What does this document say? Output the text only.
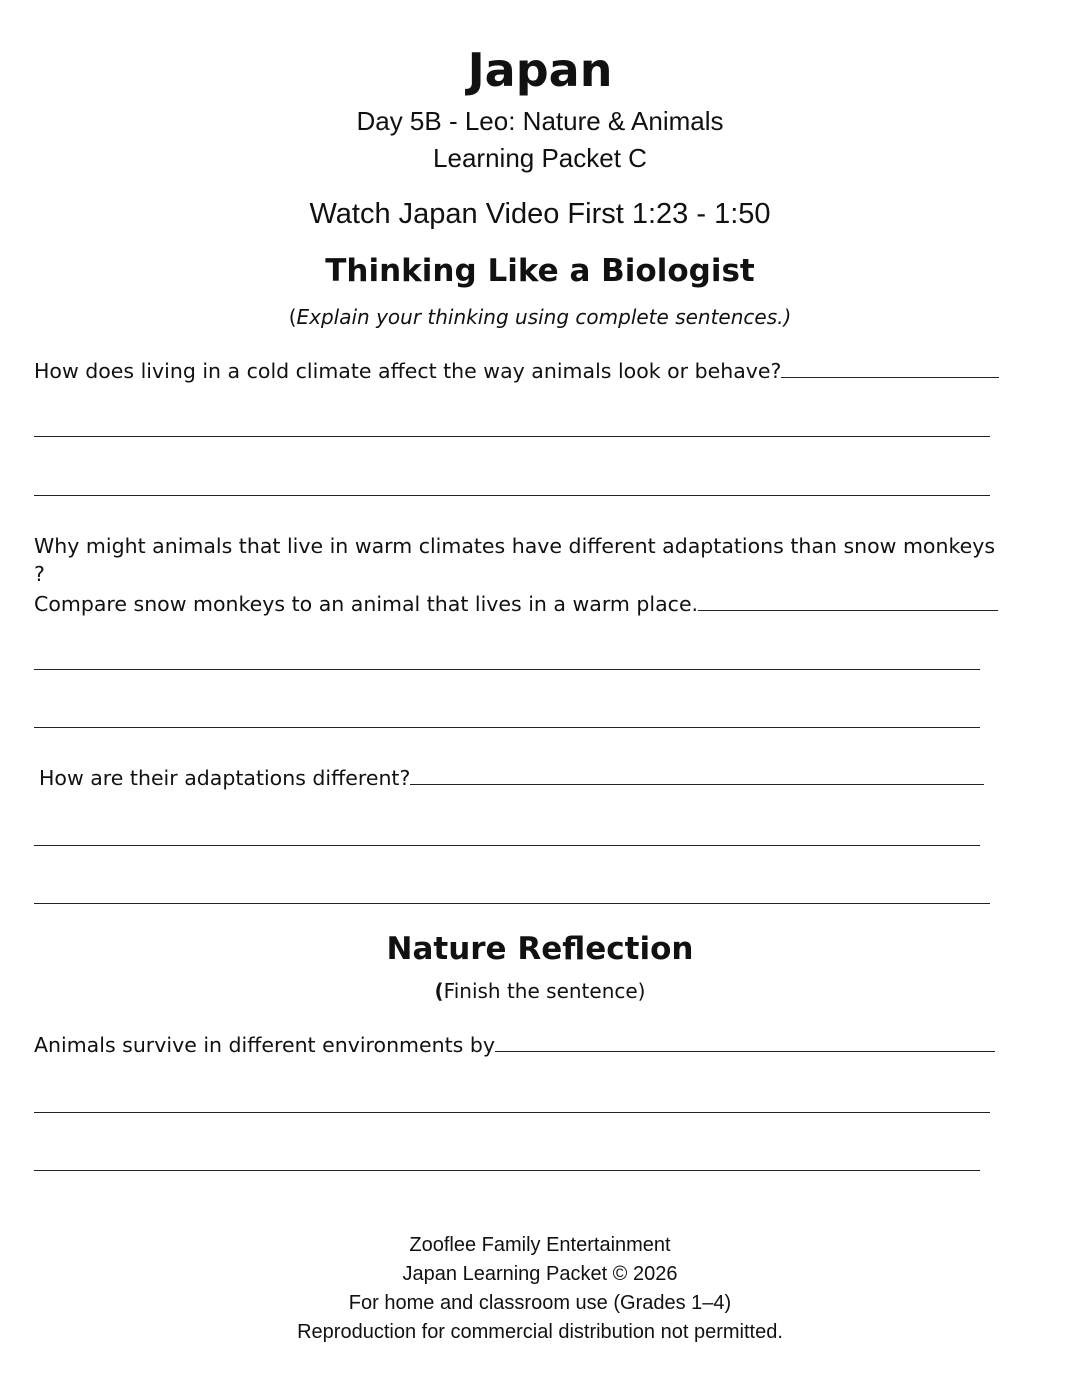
Japan
Day 5B - Leo: Nature & Animals
Learning Packet C
Watch Japan Video First 1:23 - 1:50
Thinking Like a Biologist
(Explain your thinking using complete sentences.)
How does living in a cold climate affect the way animals look or behave?
Why might animals that live in warm climates have different adaptations than snow monkeys
?
Compare snow monkeys to an animal that lives in a warm place.
How are their adaptations different?
Nature Reflection
(Finish the sentence)
Animals survive in different environments by
Zooflee Family Entertainment
Japan Learning Packet © 2026
For home and classroom use (Grades 1–4)
Reproduction for commercial distribution not permitted.
